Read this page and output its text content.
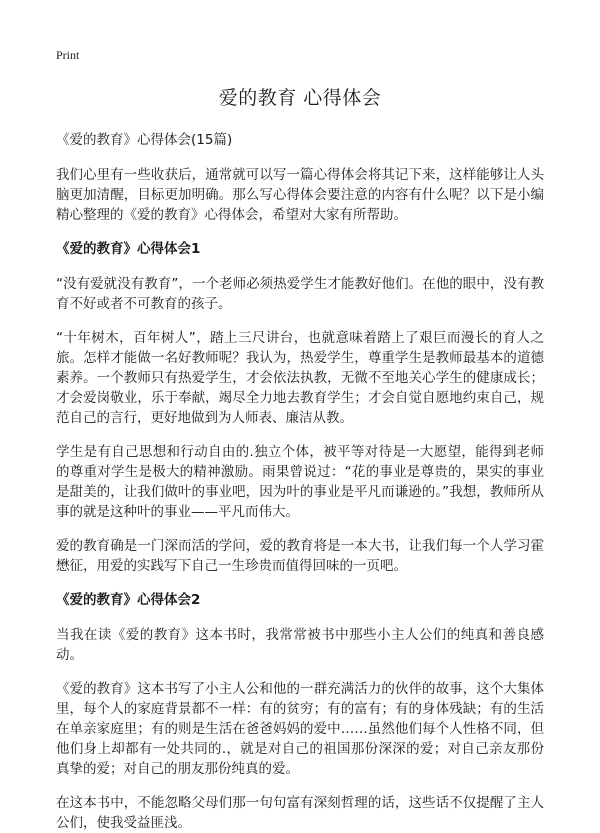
Print
爱的教育 心得体会
《爱的教育》心得体会(15篇)

我们心里有一些收获后，通常就可以写一篇心得体会将其记下来，这样能够让人头脑更加清醒，目标更加明确。那么写心得体会要注意的内容有什么呢？以下是小编精心整理的《爱的教育》心得体会，希望对大家有所帮助。

《爱的教育》心得体会1

“没有爱就没有教育”，一个老师必须热爱学生才能教好他们。在他的眼中，没有教育不好或者不可教育的孩子。

“十年树木，百年树人”，踏上三尺讲台，也就意味着踏上了艰巨而漫长的育人之旅。怎样才能做一名好教师呢？我认为，热爱学生，尊重学生是教师最基本的道德素养。一个教师只有热爱学生，才会依法执教，无微不至地关心学生的健康成长；才会爱岗敬业，乐于奉献，竭尽全力地去教育学生；才会自觉自愿地约束自己，规范自己的言行，更好地做到为人师表、廉洁从教。

学生是有自己思想和行动自由的.独立个体，被平等对待是一大愿望，能得到老师的尊重对学生是极大的精神激励。雨果曾说过：“花的事业是尊贵的，果实的事业是甜美的，让我们做叶的事业吧，因为叶的事业是平凡而谦逊的。”我想，教师所从事的就是这种叶的事业——平凡而伟大。

爱的教育确是一门深而活的学问，爱的教育将是一本大书，让我们每一个人学习霍懋征，用爱的实践写下自己一生珍贵而值得回味的一页吧。

《爱的教育》心得体会2

当我在读《爱的教育》这本书时，我常常被书中那些小主人公们的纯真和善良感动。

《爱的教育》这本书写了小主人公和他的一群充满活力的伙伴的故事，这个大集体里，每个人的家庭背景都不一样：有的贫穷；有的富有；有的身体残缺；有的生活在单亲家庭里；有的则是生活在爸爸妈妈的爱中……虽然他们每个人性格不同，但他们身上却都有一处共同的.，就是对自己的祖国那份深深的爱；对自己亲友那份真挚的爱；对自己的朋友那份纯真的爱。

在这本书中，不能忽略父母们那一句句富有深刻哲理的话，这些话不仅提醒了主人公们，使我受益匪浅。
